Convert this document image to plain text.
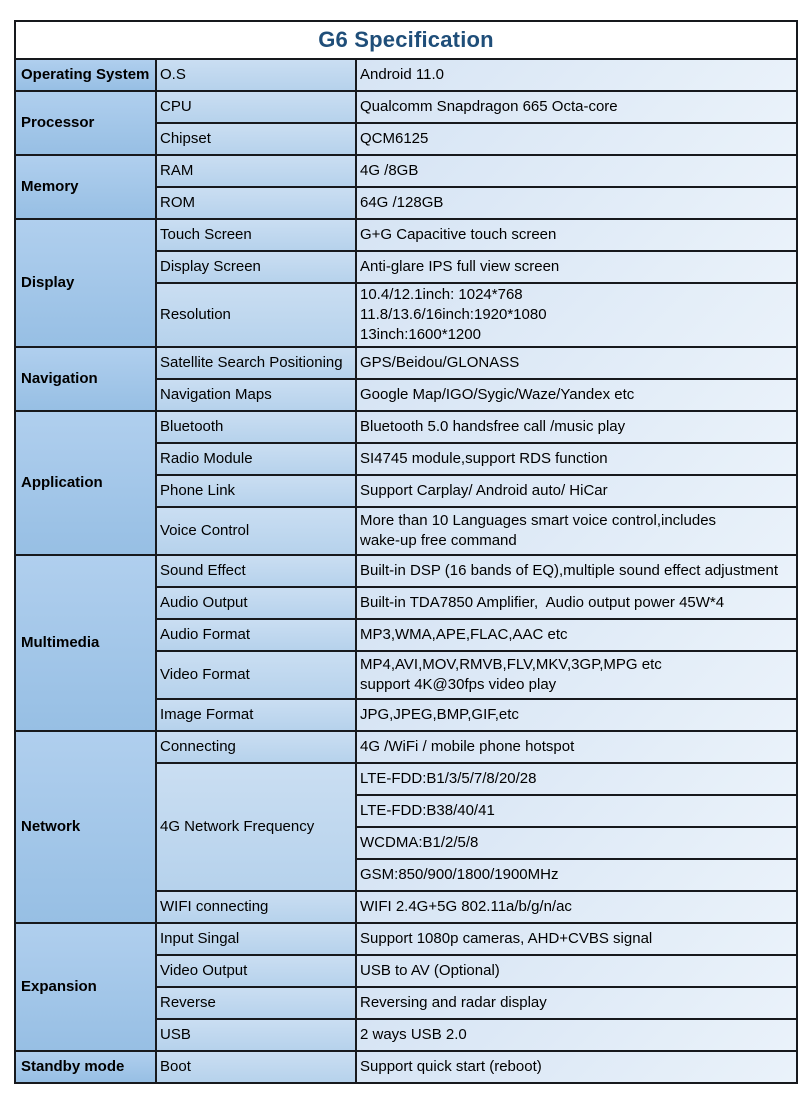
G6 Specification		
Operating System	O.S	Android 11.0

Processor	CPU	Qualcomm Snapdragon 665 Octa-core

	Chipset	QCM6125

Memory	RAM	4G /8GB

	ROM	64G /128GB

Display	Touch Screen	G+G Capacitive touch screen

	Display Screen	Anti-glare IPS full view screen

	Resolution	10.4/12.1inch: 1024*768
11.8/13.6/16inch:1920*1080
13inch:1600*1200

Navigation	Satellite Search Positioning	GPS/Beidou/GLONASS

	Navigation Maps	Google Map/IGO/Sygic/Waze/Yandex etc

Application	Bluetooth	Bluetooth 5.0 handsfree call /music play

	Radio Module	SI4745 module,support RDS function

	Phone Link	Support Carplay/ Android auto/ HiCar

	Voice Control	More than 10 Languages smart voice control,includes
wake-up free command

Multimedia	Sound Effect	Built-in DSP (16 bands of EQ),multiple sound effect adjustment

	Audio Output	Built-in TDA7850 Amplifier,  Audio output power 45W*4

	Audio Format	MP3,WMA,APE,FLAC,AAC etc

	Video Format	MP4,AVI,MOV,RMVB,FLV,MKV,3GP,MPG etc
support 4K@30fps video play

	Image Format	JPG,JPEG,BMP,GIF,etc

Network	Connecting	4G /WiFi / mobile phone hotspot

	4G Network Frequency	LTE-FDD:B1/3/5/7/8/20/28

		LTE-FDD:B38/40/41

		WCDMA:B1/2/5/8

		GSM:850/900/1800/1900MHz

	WIFI connecting	WIFI 2.4G+5G 802.11a/b/g/n/ac

Expansion	Input Singal	Support 1080p cameras, AHD+CVBS signal

	Video Output	USB to AV (Optional)

	Reverse	Reversing and radar display

	USB	2 ways USB 2.0

Standby mode	Boot	Support quick start (reboot)
